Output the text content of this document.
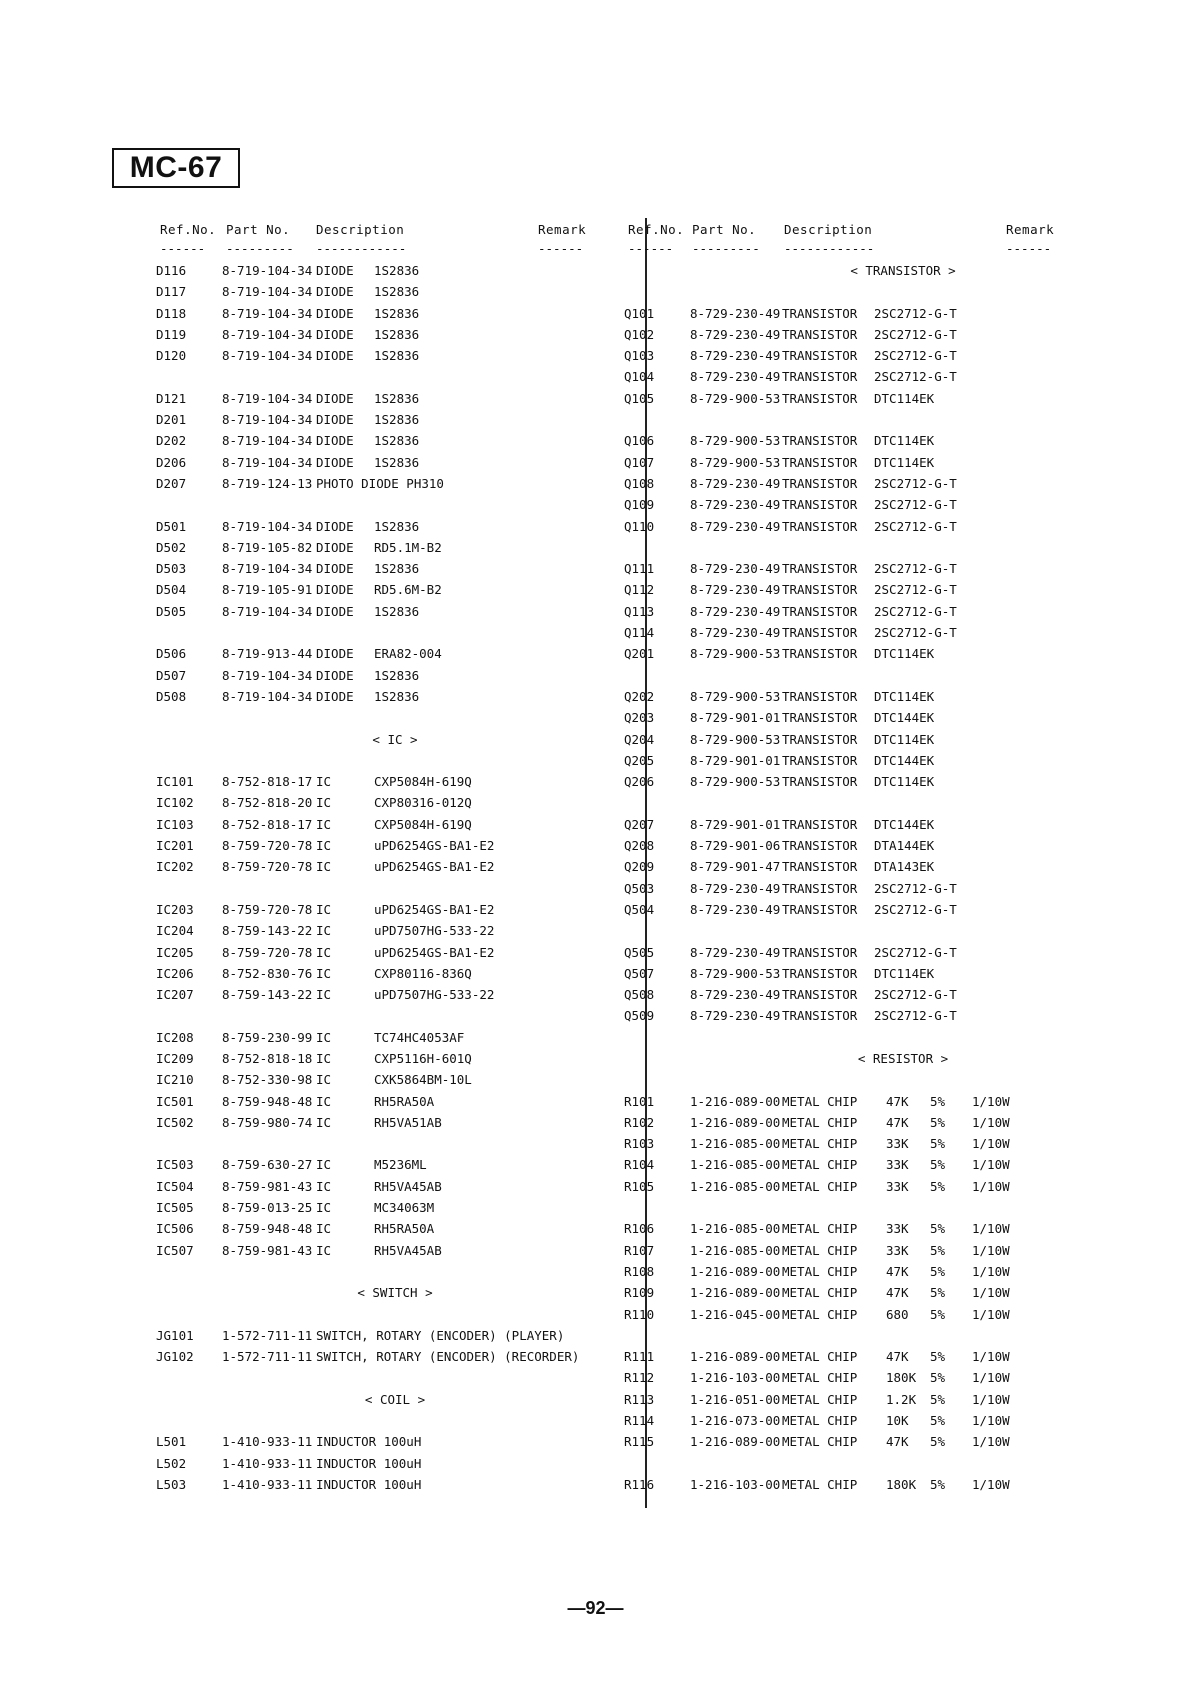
MC-67
Ref.No. Part No. Description	Remark
------ --------- ------------	------
D116	8-719-104-34 DIODE 1S2836
D117	8-719-104-34 DIODE 1S2836
D118	8-719-104-34 DIODE 1S2836
D119	8-719-104-34 DIODE 1S2836
D120	8-719-104-34 DIODE 1S2836
D121	8-719-104-34 DIODE 1S2836
D201	8-719-104-34 DIODE 1S2836
D202	8-719-104-34 DIODE 1S2836
D206	8-719-104-34 DIODE 1S2836
D207	8-719-124-13 PHOTO DIODE PH310
D501	8-719-104-34 DIODE 1S2836
D502	8-719-105-82 DIODE RD5.1M-B2
D503	8-719-104-34 DIODE 1S2836
D504	8-719-105-91 DIODE RD5.6M-B2
D505	8-719-104-34 DIODE 1S2836
D506	8-719-913-44 DIODE ERA82-004
D507	8-719-104-34 DIODE 1S2836
D508	8-719-104-34 DIODE 1S2836
< IC >
IC101 8-752-818-17 IC	CXP5084H-619Q
IC102 8-752-818-20 IC	CXP80316-012Q
IC103 8-752-818-17 IC	CXP5084H-619Q
IC201 8-759-720-78 IC	uPD6254GS-BA1-E2
IC202 8-759-720-78 IC	uPD6254GS-BA1-E2
IC203 8-759-720-78 IC	uPD6254GS-BA1-E2
IC204 8-759-143-22 IC	uPD7507HG-533-22
IC205 8-759-720-78 IC	uPD6254GS-BA1-E2
IC206 8-752-830-76 IC	CXP80116-836Q
IC207 8-759-143-22 IC	uPD7507HG-533-22
IC208 8-759-230-99 IC	TC74HC4053AF
IC209 8-752-818-18 IC	CXP5116H-601Q
IC210 8-752-330-98 IC	CXK5864BM-10L
IC501 8-759-948-48 IC	RH5RA50A
IC502 8-759-980-74 IC	RH5VA51AB
IC503 8-759-630-27 IC	M5236ML
IC504 8-759-981-43 IC	RH5VA45AB
IC505 8-759-013-25 IC	MC34063M
IC506 8-759-948-48 IC	RH5RA50A
IC507 8-759-981-43 IC	RH5VA45AB
< SWITCH >
JG101 1-572-711-11 SWITCH, ROTARY (ENCODER) (PLAYER)
JG102 1-572-711-11 SWITCH, ROTARY (ENCODER) (RECORDER)
< COIL >
L501	1-410-933-11 INDUCTOR 100uH
L502	1-410-933-11 INDUCTOR 100uH
L503	1-410-933-11 INDUCTOR 100uH
Ref.No. Part No. Description	Remark
------ --------- ------------	------
< TRANSISTOR >
Q101	8-729-230-49 TRANSISTOR 2SC2712-G-T
Q102	8-729-230-49 TRANSISTOR 2SC2712-G-T
Q103	8-729-230-49 TRANSISTOR 2SC2712-G-T
Q104	8-729-230-49 TRANSISTOR 2SC2712-G-T
Q105	8-729-900-53 TRANSISTOR DTC114EK
Q106	8-729-900-53 TRANSISTOR DTC114EK
Q107	8-729-900-53 TRANSISTOR DTC114EK
Q108	8-729-230-49 TRANSISTOR 2SC2712-G-T
Q109	8-729-230-49 TRANSISTOR 2SC2712-G-T
Q110	8-729-230-49 TRANSISTOR 2SC2712-G-T
Q111	8-729-230-49 TRANSISTOR 2SC2712-G-T
Q112	8-729-230-49 TRANSISTOR 2SC2712-G-T
Q113	8-729-230-49 TRANSISTOR 2SC2712-G-T
Q114	8-729-230-49 TRANSISTOR 2SC2712-G-T
Q201	8-729-900-53 TRANSISTOR DTC114EK
Q202	8-729-900-53 TRANSISTOR DTC114EK
Q203	8-729-901-01 TRANSISTOR DTC144EK
Q204	8-729-900-53 TRANSISTOR DTC114EK
Q205	8-729-901-01 TRANSISTOR DTC144EK
Q206	8-729-900-53 TRANSISTOR DTC114EK
Q207	8-729-901-01 TRANSISTOR DTC144EK
Q208	8-729-901-06 TRANSISTOR DTA144EK
Q209	8-729-901-47 TRANSISTOR DTA143EK
Q503	8-729-230-49 TRANSISTOR 2SC2712-G-T
Q504	8-729-230-49 TRANSISTOR 2SC2712-G-T
Q505	8-729-230-49 TRANSISTOR 2SC2712-G-T
Q507	8-729-900-53 TRANSISTOR DTC114EK
Q508	8-729-230-49 TRANSISTOR 2SC2712-G-T
Q509	8-729-230-49 TRANSISTOR 2SC2712-G-T
< RESISTOR >
R101	1-216-089-00 METAL CHIP 47K 5% 1/10W
R102	1-216-089-00 METAL CHIP 47K 5% 1/10W
R103	1-216-085-00 METAL CHIP 33K 5% 1/10W
R104	1-216-085-00 METAL CHIP 33K 5% 1/10W
R105	1-216-085-00 METAL CHIP 33K 5% 1/10W
R106	1-216-085-00 METAL CHIP 33K 5% 1/10W
R107	1-216-085-00 METAL CHIP 33K 5% 1/10W
R108	1-216-089-00 METAL CHIP 47K 5% 1/10W
R109	1-216-089-00 METAL CHIP 47K 5% 1/10W
R110	1-216-045-00 METAL CHIP 680 5% 1/10W
R111	1-216-089-00 METAL CHIP 47K 5% 1/10W
R112	1-216-103-00 METAL CHIP 180K 5% 1/10W
R113	1-216-051-00 METAL CHIP 1.2K 5% 1/10W
R114	1-216-073-00 METAL CHIP 10K 5% 1/10W
R115	1-216-089-00 METAL CHIP 47K 5% 1/10W
R116	1-216-103-00 METAL CHIP 180K 5% 1/10W
—92—
